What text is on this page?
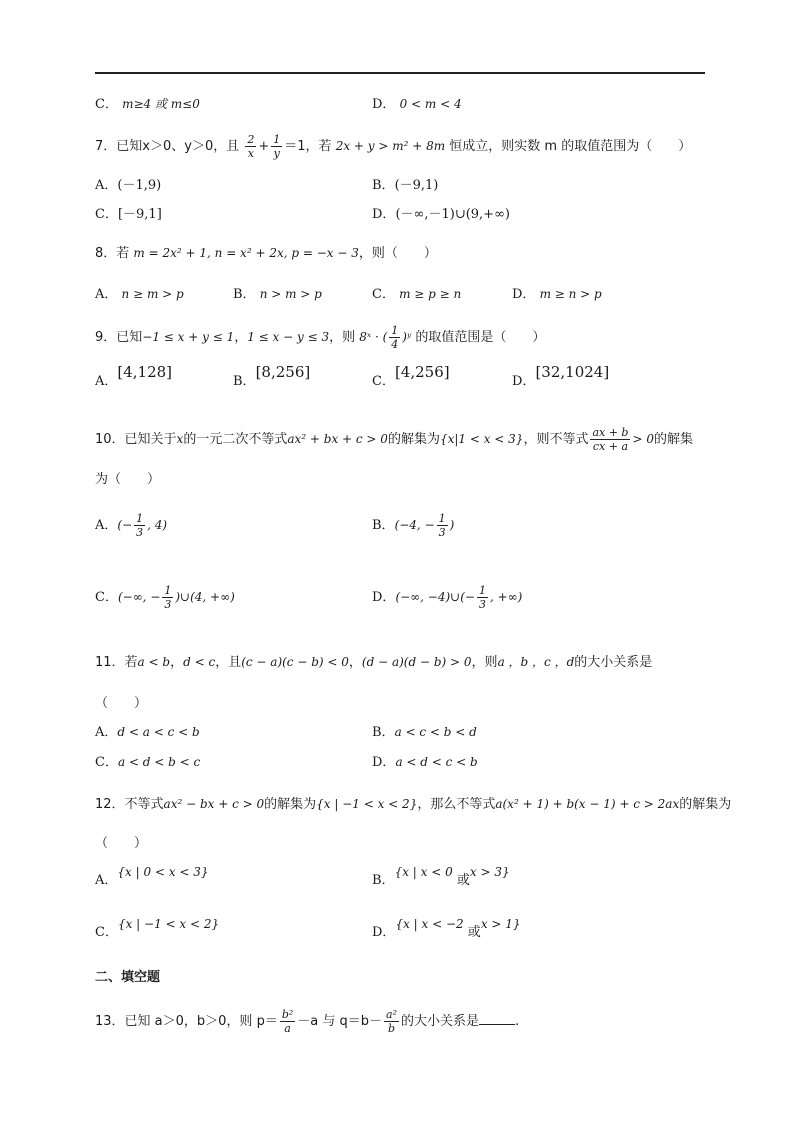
C． m≥4 或 m≤0	D． 0 < m < 4
7．已知x＞0、y＞0，且 $\frac{2}{x} + \frac{1}{y} =1$，若 2x + y > m² + 8m 恒成立，则实数 m 的取值范围为（　　）
A．(－1,9)	B．(－9,1)
C．[－9,1]	D．(－∞,－1)∪(9,+∞)
8．若 m = 2x² + 1, n = x² + 2x, p = −x − 3，则（　　）
A． n ≥ m > p	B． n > m > p	C． m ≥ p ≥ n	D． m ≥ n > p
9．已知−1 ≤ x + y ≤ 1，1 ≤ x − y ≤ 3，则 8ˣ · ( $\frac{1}{4}$ )ʸ 的取值范围是（　　）
A．[4,128]
B．[8,256]
C．[4,256]
D．[32,1024]
10．已知关于x的一元二次不等式ax² + bx + c > 0的解集为{x|1 < x < 3}，则不等式 $\frac{ax + b}{cx + a} > 0$的解集
为（　　）
A．(− $\frac{1}{3}$ , 4)	B．(−4, − $\frac{1}{3}$ )
C．(−∞, − $\frac{1}{3}$ )∪(4, +∞)	D．(−∞, −4)∪(− $\frac{1}{3}$ , +∞)
11．若a < b，d < c，且(c − a)(c − b) < 0，(d − a)(d − b) > 0，则a ，b ，c ，d的大小关系是
（　　）
A．d < a < c < b	B．a < c < b < d
C．a < d < b < c	D．a < d < c < b
12．不等式ax² − bx + c > 0的解集为{x | −1 < x < 2}，那么不等式a(x² + 1) + b(x − 1) + c > 2ax的解集为
（　　）
A．{x | 0 < x < 3}
B．{x | x < 0 或x > 3}
C．{x | −1 < x < 2}
D．{x | x < −2 或x > 1}
二、填空题
13．已知 a＞0，b＞0，则 $p= \frac{\text{b²}}{a} -a$ 与 $q=b- \frac{\text{a²}}{b}$ 的大小关系是	.
